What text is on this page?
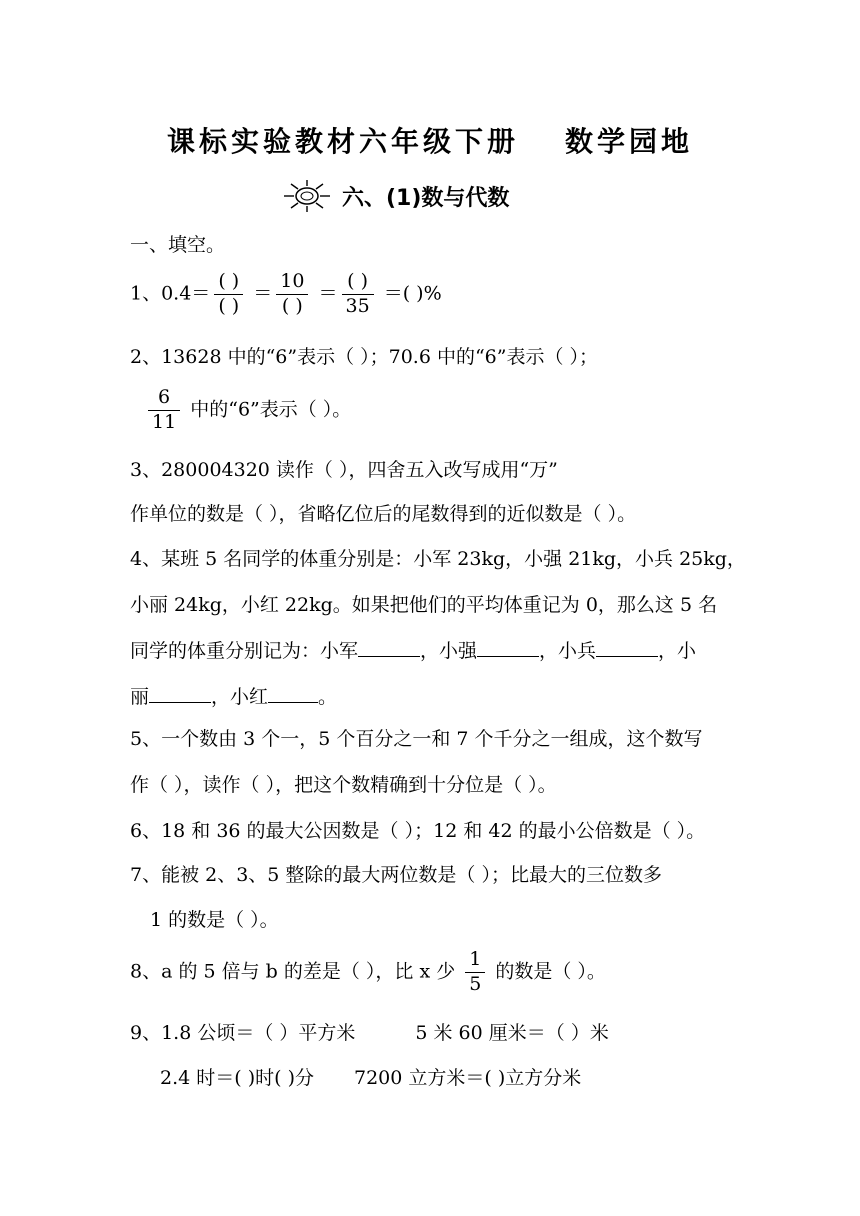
课标实验教材六年级下册 数学园地
六、(1)数与代数
一、填空。
1、$0.4= \frac{( )}{( )} = \frac{10}{( )} = \frac{( )}{35}$ ＝( )%
2、13628 中的“6”表示（ ）；70.6 中的“6”表示（ ）；
$\frac{6}{11}$ 中的“6”表示（ ）。
3、280004320 读作（ ），四舍五入改写成用“万”
作单位的数是（ ），省略亿位后的尾数得到的近似数是（ ）。
4、某班 5 名同学的体重分别是：小军 23kg，小强 21kg，小兵 25kg，
小丽 24kg，小红 22kg。如果把他们的平均体重记为 0，那么这 5 名
同学的体重分别记为：小军	，小强	，小兵	，小
丽	，小红	。
5、一个数由 3 个一，5 个百分之一和 7 个千分之一组成，这个数写
作（ ），读作（ ），把这个数精确到十分位是（ ）。
6、18 和 36 的最大公因数是（ ）；12 和 42 的最小公倍数是（ ）。
7、能被 2、3、5 整除的最大两位数是（ ）；比最大的三位数多
1 的数是（ ）。
8、a 的 5 倍与 b 的差是（ ），比 x 少 $\frac{1}{5}$ 的数是（ ）。
9、1.8 公顷＝（ ）平方米	5 米 60 厘米＝（ ）米
2.4 时＝( )时( )分 7200 立方米＝( )立方分米
